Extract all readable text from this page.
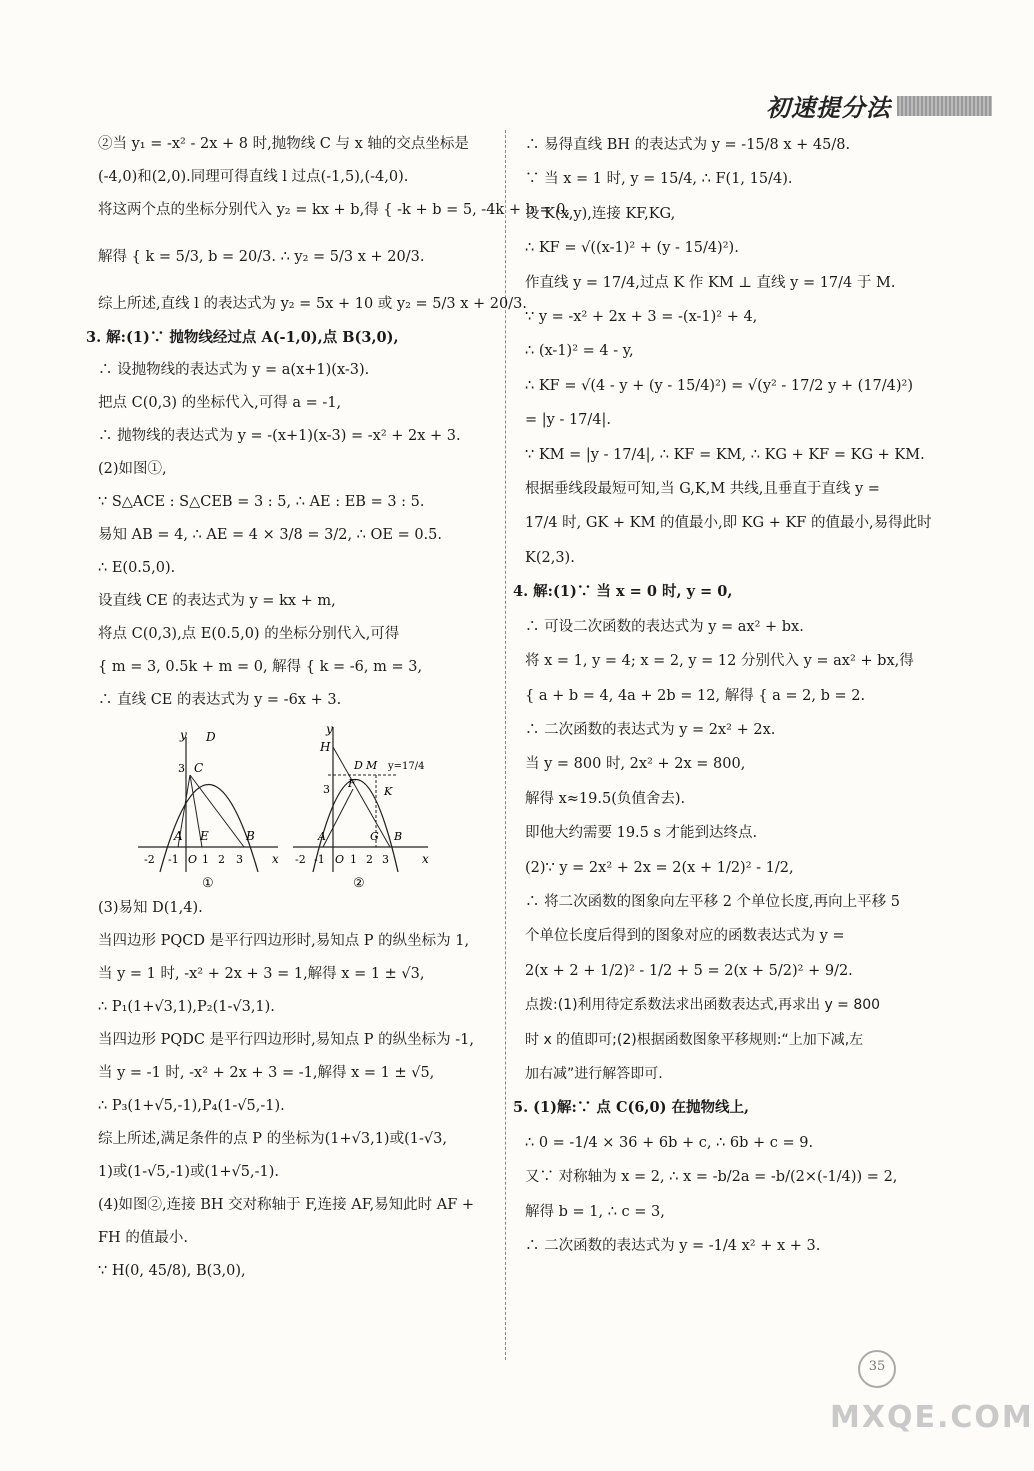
初速提分法
②当 y₁ = -x² - 2x + 8 时,抛物线 C 与 x 轴的交点坐标是
(-4,0)和(2,0).同理可得直线 l 过点(-1,5),(-4,0).
将这两个点的坐标分别代入 y₂ = kx + b,得 { -k + b = 5, -4k + b = 0,
解得 { k = 5/3, b = 20/3. ∴ y₂ = 5/3 x + 20/3.
综上所述,直线 l 的表达式为 y₂ = 5x + 10 或 y₂ = 5/3 x + 20/3.
3. 解:(1)∵ 抛物线经过点 A(-1,0),点 B(3,0),
∴ 设抛物线的表达式为 y = a(x+1)(x-3).
把点 C(0,3) 的坐标代入,可得 a = -1,
∴ 抛物线的表达式为 y = -(x+1)(x-3) = -x² + 2x + 3.
(2)如图①,
∵ S△ACE : S△CEB = 3 : 5, ∴ AE : EB = 3 : 5.
易知 AB = 4, ∴ AE = 4 × 3/8 = 3/2, ∴ OE = 0.5.
∴ E(0.5,0).
设直线 CE 的表达式为 y = kx + m,
将点 C(0,3),点 E(0.5,0) 的坐标分别代入,可得
{ m = 3, 0.5k + m = 0, 解得 { k = -6, m = 3,
∴ 直线 CE 的表达式为 y = -6x + 3.
y D
3 C
A E	B
x
-2 -1 O 1 2 3
①
y
H
D M y=17/4
3	K
F
A	G B
x
-2 -1 O 1 2 3
②
(3)易知 D(1,4).
当四边形 PQCD 是平行四边形时,易知点 P 的纵坐标为 1,
当 y = 1 时, -x² + 2x + 3 = 1,解得 x = 1 ± √3,
∴ P₁(1+√3,1),P₂(1-√3,1).
当四边形 PQDC 是平行四边形时,易知点 P 的纵坐标为 -1,
当 y = -1 时, -x² + 2x + 3 = -1,解得 x = 1 ± √5,
∴ P₃(1+√5,-1),P₄(1-√5,-1).
综上所述,满足条件的点 P 的坐标为(1+√3,1)或(1-√3,
1)或(1-√5,-1)或(1+√5,-1).
(4)如图②,连接 BH 交对称轴于 F,连接 AF,易知此时 AF +
FH 的值最小.
∵ H(0, 45/8), B(3,0),
∴ 易得直线 BH 的表达式为 y = -15/8 x + 45/8.
∵ 当 x = 1 时, y = 15/4, ∴ F(1, 15/4).
设 K(x,y),连接 KF,KG,
∴ KF = √((x-1)² + (y - 15/4)²).
作直线 y = 17/4,过点 K 作 KM ⊥ 直线 y = 17/4 于 M.
∵ y = -x² + 2x + 3 = -(x-1)² + 4,
∴ (x-1)² = 4 - y,
∴ KF = √(4 - y + (y - 15/4)²) = √(y² - 17/2 y + (17/4)²)
= |y - 17/4|.
∵ KM = |y - 17/4|, ∴ KF = KM, ∴ KG + KF = KG + KM.
根据垂线段最短可知,当 G,K,M 共线,且垂直于直线 y =
17/4 时, GK + KM 的值最小,即 KG + KF 的值最小,易得此时
K(2,3).
4. 解:(1)∵ 当 x = 0 时, y = 0,
∴ 可设二次函数的表达式为 y = ax² + bx.
将 x = 1, y = 4; x = 2, y = 12 分别代入 y = ax² + bx,得
{ a + b = 4, 4a + 2b = 12, 解得 { a = 2, b = 2.
∴ 二次函数的表达式为 y = 2x² + 2x.
当 y = 800 时, 2x² + 2x = 800,
解得 x≈19.5(负值舍去).
即他大约需要 19.5 s 才能到达终点.
(2)∵ y = 2x² + 2x = 2(x + 1/2)² - 1/2,
∴ 将二次函数的图象向左平移 2 个单位长度,再向上平移 5
个单位长度后得到的图象对应的函数表达式为 y =
2(x + 2 + 1/2)² - 1/2 + 5 = 2(x + 5/2)² + 9/2.
点拨:(1)利用待定系数法求出函数表达式,再求出 y = 800
时 x 的值即可;(2)根据函数图象平移规则:“上加下减,左
加右减”进行解答即可.
5. (1)解:∵ 点 C(6,0) 在抛物线上,
∴ 0 = -1/4 × 36 + 6b + c, ∴ 6b + c = 9.
又∵ 对称轴为 x = 2, ∴ x = -b/2a = -b/(2×(-1/4)) = 2,
解得 b = 1, ∴ c = 3,
∴ 二次函数的表达式为 y = -1/4 x² + x + 3.
35
MXQE.COM
